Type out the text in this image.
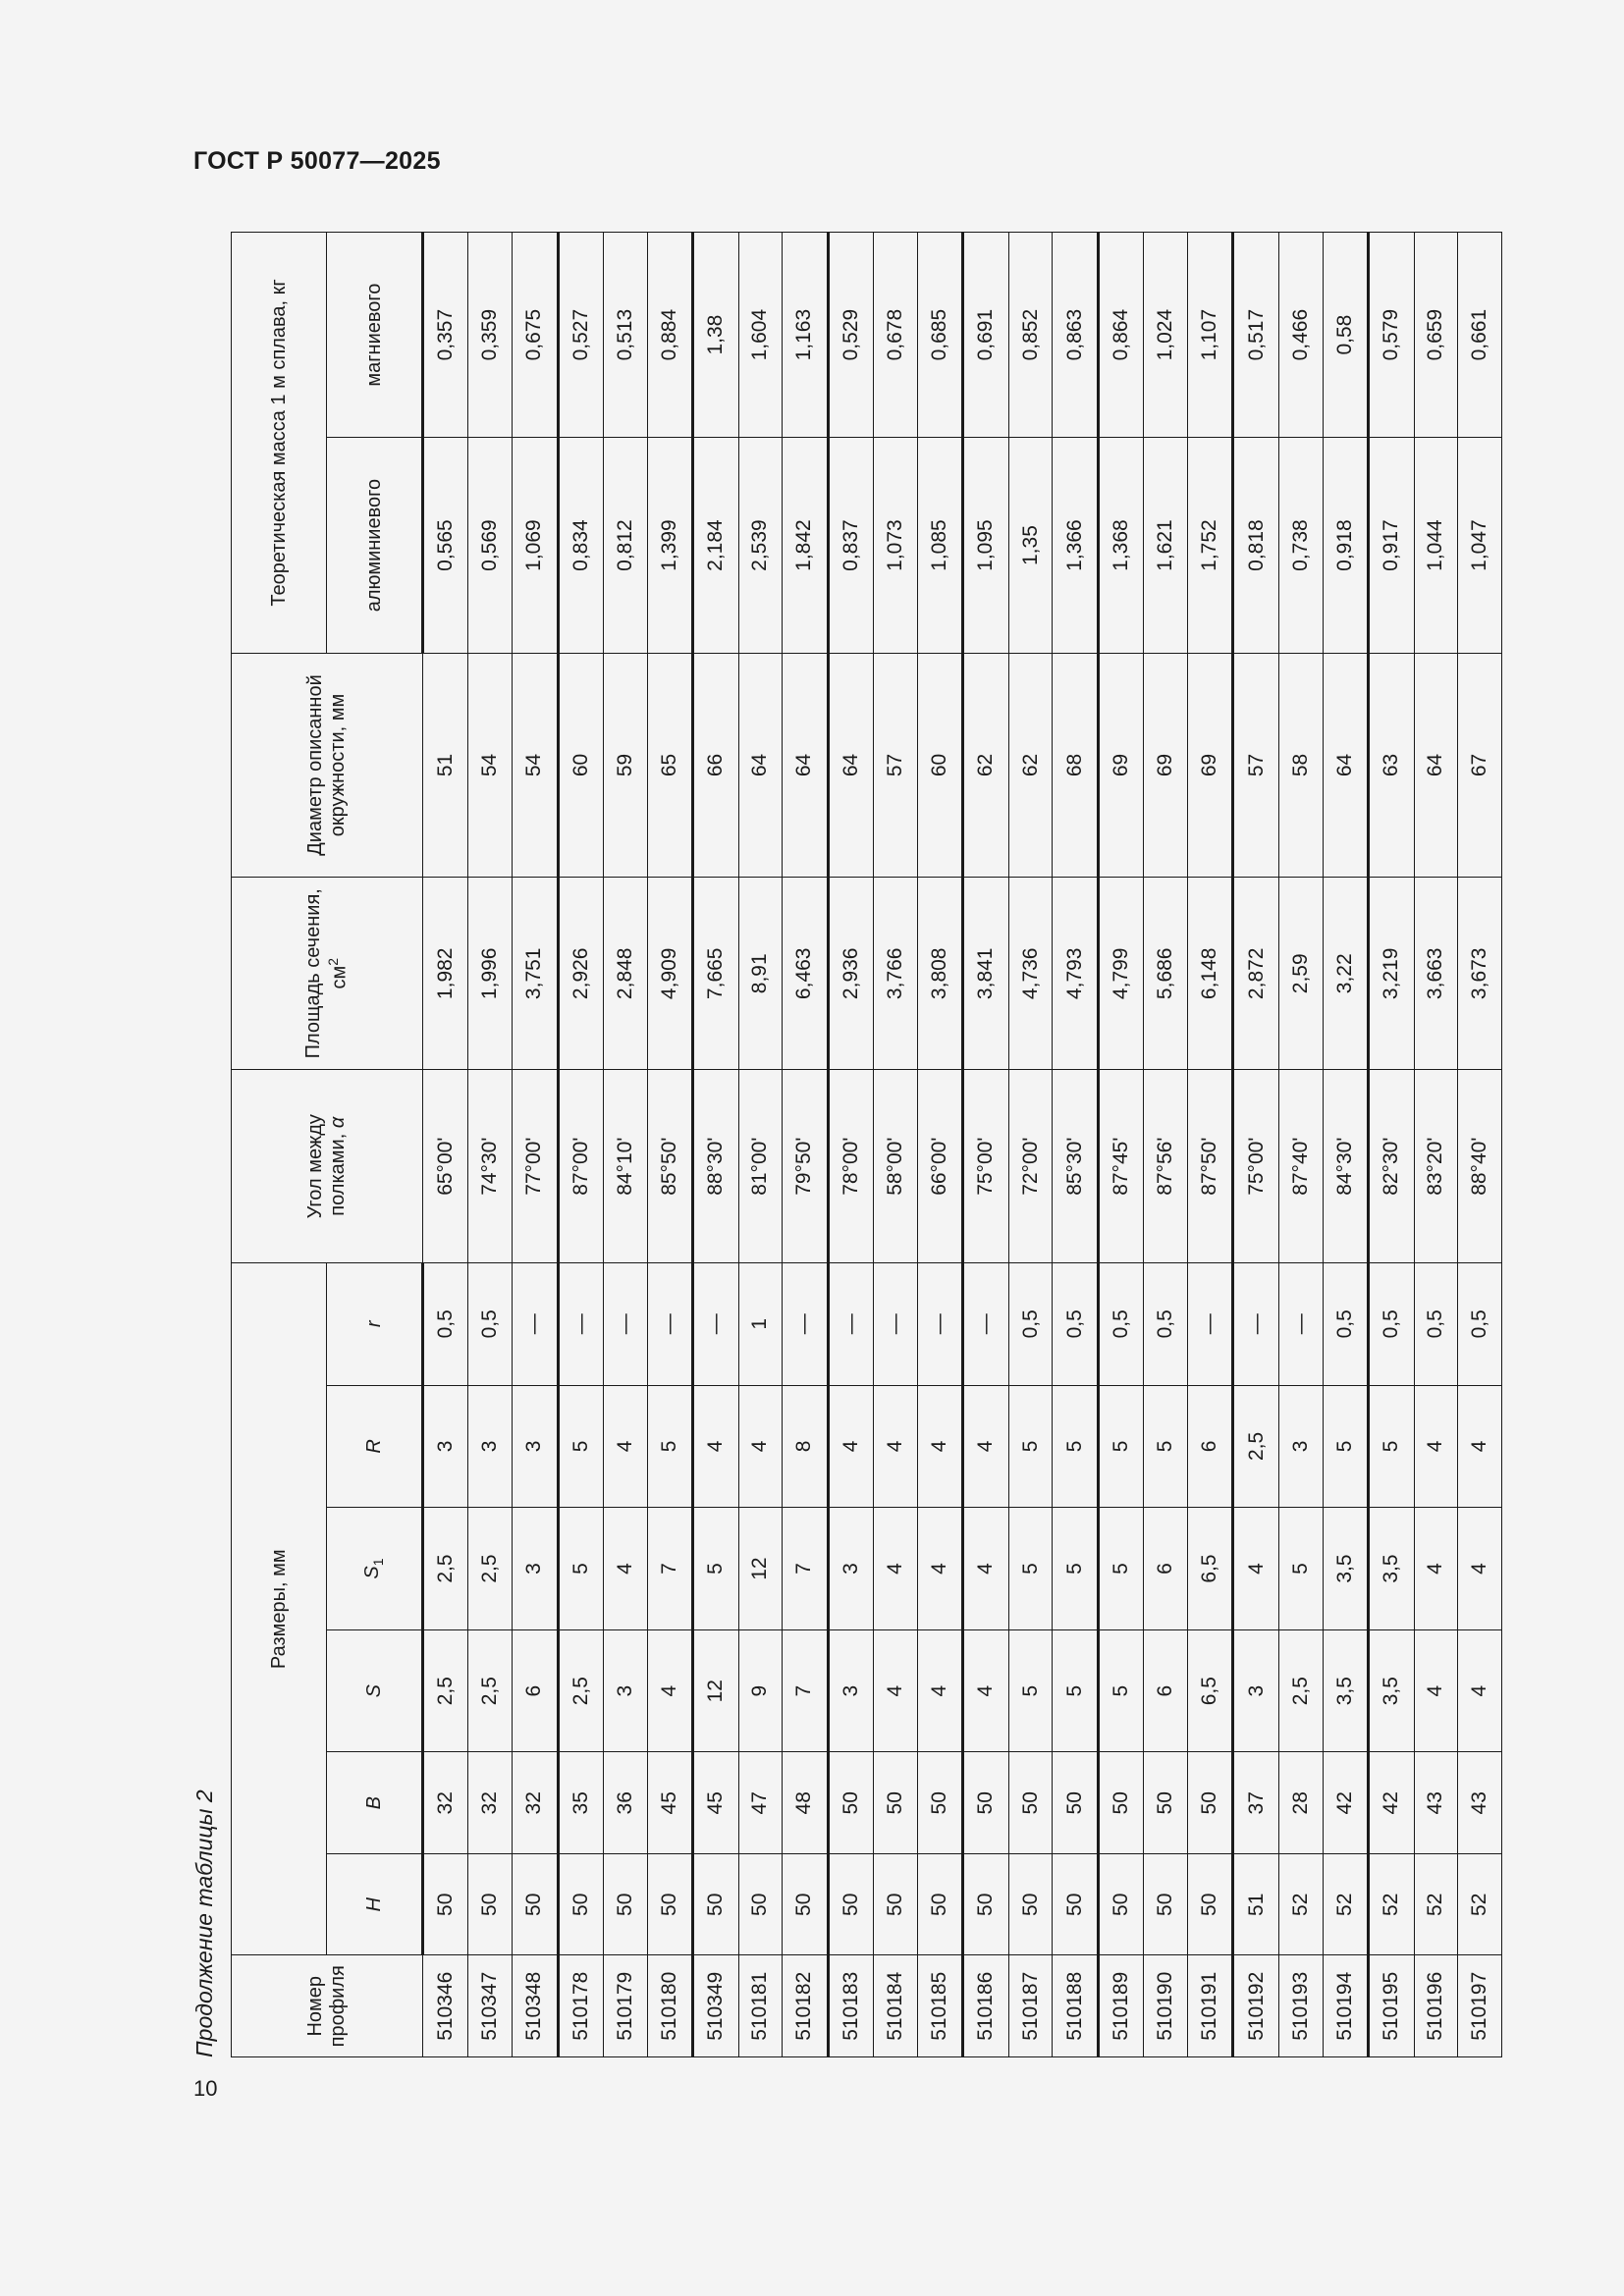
ГОСТ Р 50077—2025
Продолжение таблицы 2	Номер профиля	Размеры, мм						Угол между полками, α	Площадь сечения, $см^2$	Диаметр описанной окружности, мм	Теоретическая масса 1 м сплава, кг	
	H	B	S	$S_1$	R	r				алюминиевого	магниевого
510346	50	32	2,5	2,5	3	0,5	65°00'	1,982	51	0,565	0,357
510347	50	32	2,5	2,5	3	0,5	74°30'	1,996	54	0,569	0,359
510348	50	32	6	3	3	—	77°00'	3,751	54	1,069	0,675
510178	50	35	2,5	5	5	—	87°00'	2,926	60	0,834	0,527
510179	50	36	3	4	4	—	84°10'	2,848	59	0,812	0,513
510180	50	45	4	7	5	—	85°50'	4,909	65	1,399	0,884
510349	50	45	12	5	4	—	88°30'	7,665	66	2,184	1,38
510181	50	47	9	12	4	1	81°00'	8,91	64	2,539	1,604
510182	50	48	7	7	8	—	79°50'	6,463	64	1,842	1,163
510183	50	50	3	3	4	—	78°00'	2,936	64	0,837	0,529
510184	50	50	4	4	4	—	58°00'	3,766	57	1,073	0,678
510185	50	50	4	4	4	—	66°00'	3,808	60	1,085	0,685
510186	50	50	4	4	4	—	75°00'	3,841	62	1,095	0,691
510187	50	50	5	5	5	0,5	72°00'	4,736	62	1,35	0,852
510188	50	50	5	5	5	0,5	85°30'	4,793	68	1,366	0,863
510189	50	50	5	5	5	0,5	87°45'	4,799	69	1,368	0,864
510190	50	50	6	6	5	0,5	87°56'	5,686	69	1,621	1,024
510191	50	50	6,5	6,5	6	—	87°50'	6,148	69	1,752	1,107
510192	51	37	3	4	2,5	—	75°00'	2,872	57	0,818	0,517
510193	52	28	2,5	5	3	—	87°40'	2,59	58	0,738	0,466
510194	52	42	3,5	3,5	5	0,5	84°30'	3,22	64	0,918	0,58
510195	52	42	3,5	3,5	5	0,5	82°30'	3,219	63	0,917	0,579
510196	52	43	4	4	4	0,5	83°20'	3,663	64	1,044	0,659
510197	52	43	4	4	4	0,5	88°40'	3,673	67	1,047	0,661
10
